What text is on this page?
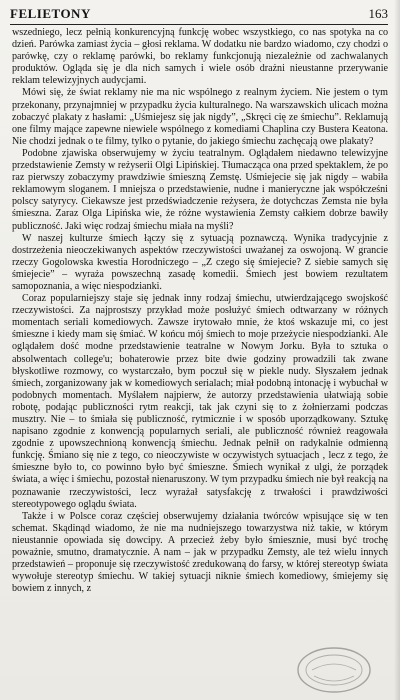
FELIETONY	163

wszedniego, lecz pełnią konkurencyjną funkcję wobec wszystkiego, co nas spotyka na co dzień. Parówka zamiast życia – głosi reklama. W dodatku nie bardzo wiadomo, czy chodzi o parówkę, czy o reklamę parówki, bo reklamy funkcjonują niezależnie od zachwalanych produktów. Ogląda się je dla nich samych i wiele osób drażni nieustanne przerywanie reklam telewizyjnych audycjami.

Mówi się, że świat reklamy nie ma nic wspólnego z realnym życiem. Nie jestem o tym przekonany, przynajmniej w przypadku życia kulturalnego. Na warszawskich ulicach można zobaczyć plakaty z hasłami: „Uśmiejesz się jak nigdy”, „Skręci cię ze śmiechu”. Reklamują one filmy mające zapewne niewiele wspólnego z komediami Chaplina czy Bustera Keatona. Nie chodzi jednak o te filmy, tylko o pytanie, do jakiego śmiechu zachęcają owe plakaty?

Podobne zjawiska obserwujemy w życiu teatralnym. Oglądałem niedawno telewizyjne przedstawienie Zemsty w reżyserii Olgi Lipińskiej. Tłumacząca ona przed spektaklem, że po raz pierwszy zobaczymy prawdziwie śmieszną Zemstę. Uśmiejecie się jak nigdy – wabiła reklamowym sloganem. I mniejsza o przedstawienie, nudne i manieryczne jak współcześni polscy satyrycy. Ciekawsze jest przedświadczenie reżysera, że dotychczas Zemsta nie była śmieszna. Zaraz Olga Lipińska wie, że różne wystawienia Zemsty całkiem dobrze bawiły publiczność. Jaki więc rodzaj śmiechu miała na myśli?

W naszej kulturze śmiech łączy się z sytuacją poznawczą. Wynika tradycyjnie z dostrzeżenia nieoczekiwanych aspektów rzeczywistości uważanej za oswojoną. W grancie rzeczy Gogolowska kwestia Horodniczego – „Z czego się śmiejecie? Z siebie samych się śmiejecie” – wyraża powszechną zasadę komedii. Śmiech jest bowiem rezultatem samopoznania, a więc niespodzianki.

Coraz popularniejszy staje się jednak inny rodzaj śmiechu, utwierdzającego swojskość rzeczywistości. Za najprostszy przykład może posłużyć śmiech odtwarzany w różnych momentach seriali komediowych. Zawsze irytowało mnie, że ktoś wskazuje mi, co jest śmieszne i kiedy mam się śmiać. W końcu mój śmiech to moje przeżycie niespodzianki. Ale oglądałem dość modne przedstawienie teatralne w Nowym Jorku. Była to sztuka o absolwentach college'u; bohaterowie przez bite dwie godziny prowadzili tak zwane błyskotliwe rozmowy, co wystarczało, bym poczuł się w piekle nudy. Słyszałem jednak śmiech, zorganizowany jak w komediowych serialach; miał podobną intonację i wybuchał w podobnych momentach. Myślałem najpierw, że autorzy przedstawienia ułatwiają sobie robotę, podając publiczności rytm reakcji, tak jak czyni się to z żołnierzami podczas musztry. Nie – to śmiała się publiczność, rytmicznie i w sposób uporządkowany. Sztukę napisano zgodnie z konwencją popularnych seriali, ale publiczność również reagowała zgodnie z upowszechnioną konwencją śmiechu. Jednak pełnił on radykalnie odmienną funkcję. Śmiano się nie z tego, co nieoczywiste w oczywistych sytuacjach , lecz z tego, że śmieszne było to, co powinno było być śmieszne. Śmiech wynikał z ulgi, że porządek świata, a więc i śmiechu, pozostał nienaruszony. W tym przypadku śmiech nie był reakcją na poznawanie rzeczywistości, lecz wyrażał satysfakcję z trwałości i prawdziwości stereotypowego oglądu świata.

Także i w Polsce coraz częściej obserwujemy działania twórców wpisujące się w ten schemat. Skądinąd wiadomo, że nie ma nudniejszego towarzystwa niż takie, w którym nieustannie opowiada się dowcipy. A przecież żeby było śmiesznie, musi być trochę poważnie, smutno, dramatycznie. A nam – jak w przypadku Zemsty, ale też wielu innych przedstawień – proponuje się rzeczywistość zredukowaną do farsy, w której stereotyp świata wywołuje stereotyp śmiechu. W takiej sytuacji niknie śmiech komediowy, śmiejemy się bowiem z innych, z
